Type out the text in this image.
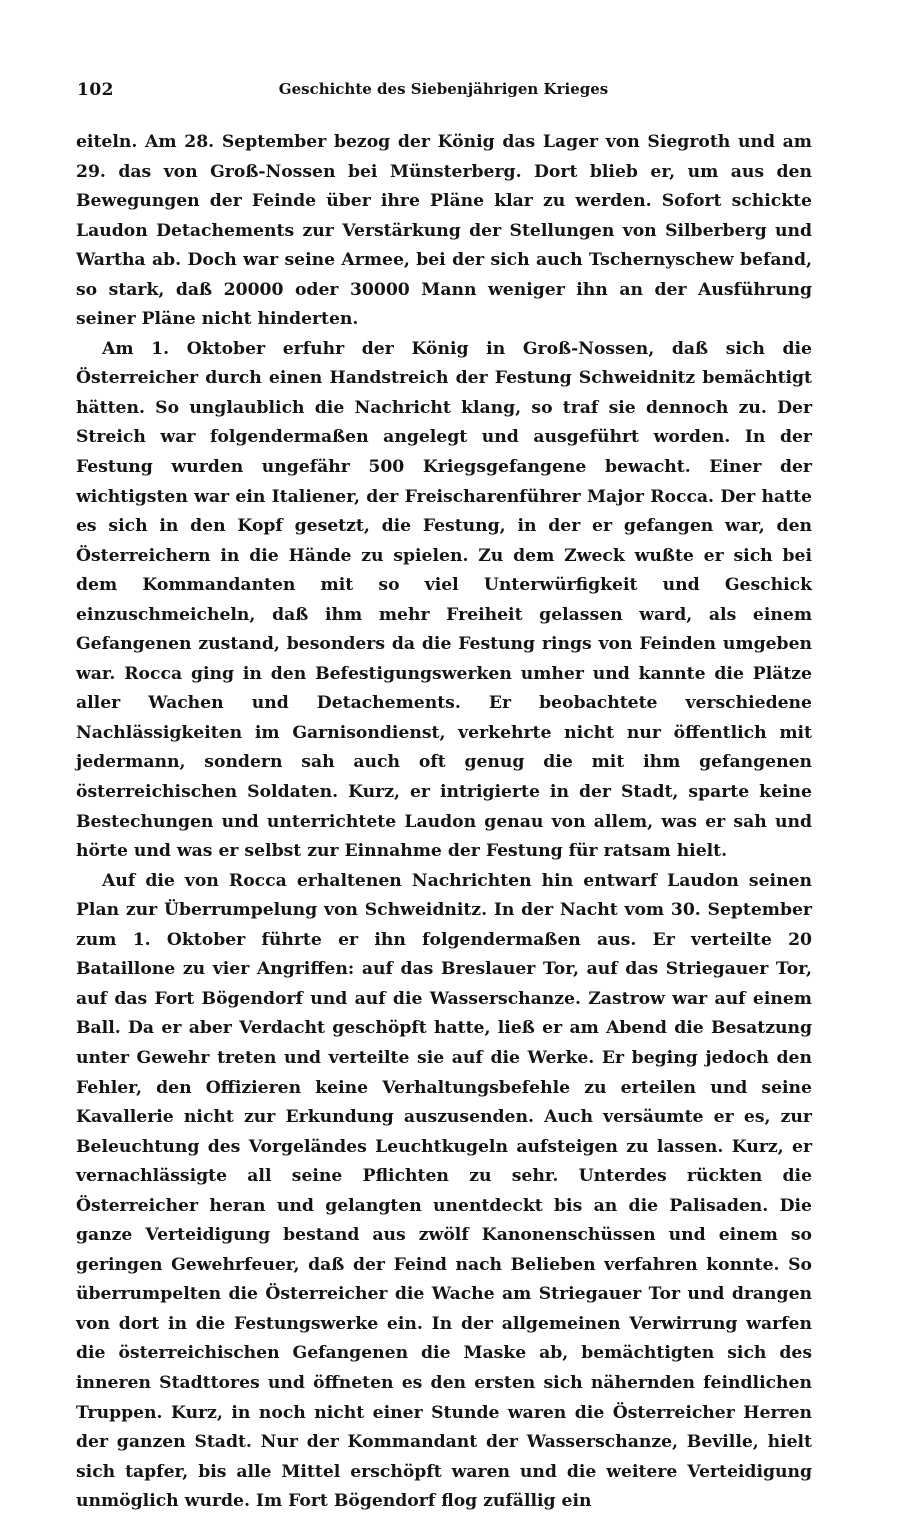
102	Geschichte des Siebenjährigen Krieges

eiteln. Am 28. September bezog der König das Lager von Siegroth und am 29. das von Groß-Nossen bei Münsterberg. Dort blieb er, um aus den Bewegungen der Feinde über ihre Pläne klar zu werden. Sofort schickte Laudon Detachements zur Verstärkung der Stellungen von Silberberg und Wartha ab. Doch war seine Armee, bei der sich auch Tschernyschew befand, so stark, daß 20000 oder 30000 Mann weniger ihn an der Ausführung seiner Pläne nicht hinderten.

Am 1. Oktober erfuhr der König in Groß-Nossen, daß sich die Österreicher durch einen Handstreich der Festung Schweidnitz bemächtigt hätten. So unglaublich die Nachricht klang, so traf sie dennoch zu. Der Streich war folgendermaßen angelegt und ausgeführt worden. In der Festung wurden ungefähr 500 Kriegsgefangene bewacht. Einer der wichtigsten war ein Italiener, der Freischarenführer Major Rocca. Der hatte es sich in den Kopf gesetzt, die Festung, in der er gefangen war, den Österreichern in die Hände zu spielen. Zu dem Zweck wußte er sich bei dem Kommandanten mit so viel Unterwürfigkeit und Geschick einzuschmeicheln, daß ihm mehr Freiheit gelassen ward, als einem Gefangenen zustand, besonders da die Festung rings von Feinden umgeben war. Rocca ging in den Befestigungswerken umher und kannte die Plätze aller Wachen und Detachements. Er beobachtete verschiedene Nachlässigkeiten im Garnisondienst, verkehrte nicht nur öffentlich mit jedermann, sondern sah auch oft genug die mit ihm gefangenen österreichischen Soldaten. Kurz, er intrigierte in der Stadt, sparte keine Bestechungen und unterrichtete Laudon genau von allem, was er sah und hörte und was er selbst zur Einnahme der Festung für ratsam hielt.

Auf die von Rocca erhaltenen Nachrichten hin entwarf Laudon seinen Plan zur Überrumpelung von Schweidnitz. In der Nacht vom 30. September zum 1. Oktober führte er ihn folgendermaßen aus. Er verteilte 20 Bataillone zu vier Angriffen: auf das Breslauer Tor, auf das Striegauer Tor, auf das Fort Bögendorf und auf die Wasserschanze. Zastrow war auf einem Ball. Da er aber Verdacht geschöpft hatte, ließ er am Abend die Besatzung unter Gewehr treten und verteilte sie auf die Werke. Er beging jedoch den Fehler, den Offizieren keine Verhaltungsbefehle zu erteilen und seine Kavallerie nicht zur Erkundung auszusenden. Auch versäumte er es, zur Beleuchtung des Vorgeländes Leuchtkugeln aufsteigen zu lassen. Kurz, er vernachlässigte all seine Pflichten zu sehr. Unterdes rückten die Österreicher heran und gelangten unentdeckt bis an die Palisaden. Die ganze Verteidigung bestand aus zwölf Kanonenschüssen und einem so geringen Gewehrfeuer, daß der Feind nach Belieben verfahren konnte. So überrumpelten die Österreicher die Wache am Striegauer Tor und drangen von dort in die Festungswerke ein. In der allgemeinen Verwirrung warfen die österreichischen Gefangenen die Maske ab, bemächtigten sich des inneren Stadttores und öffneten es den ersten sich nähernden feindlichen Truppen. Kurz, in noch nicht einer Stunde waren die Österreicher Herren der ganzen Stadt. Nur der Kommandant der Wasserschanze, Beville, hielt sich tapfer, bis alle Mittel erschöpft waren und die weitere Verteidigung unmöglich wurde. Im Fort Bögendorf flog zufällig ein
